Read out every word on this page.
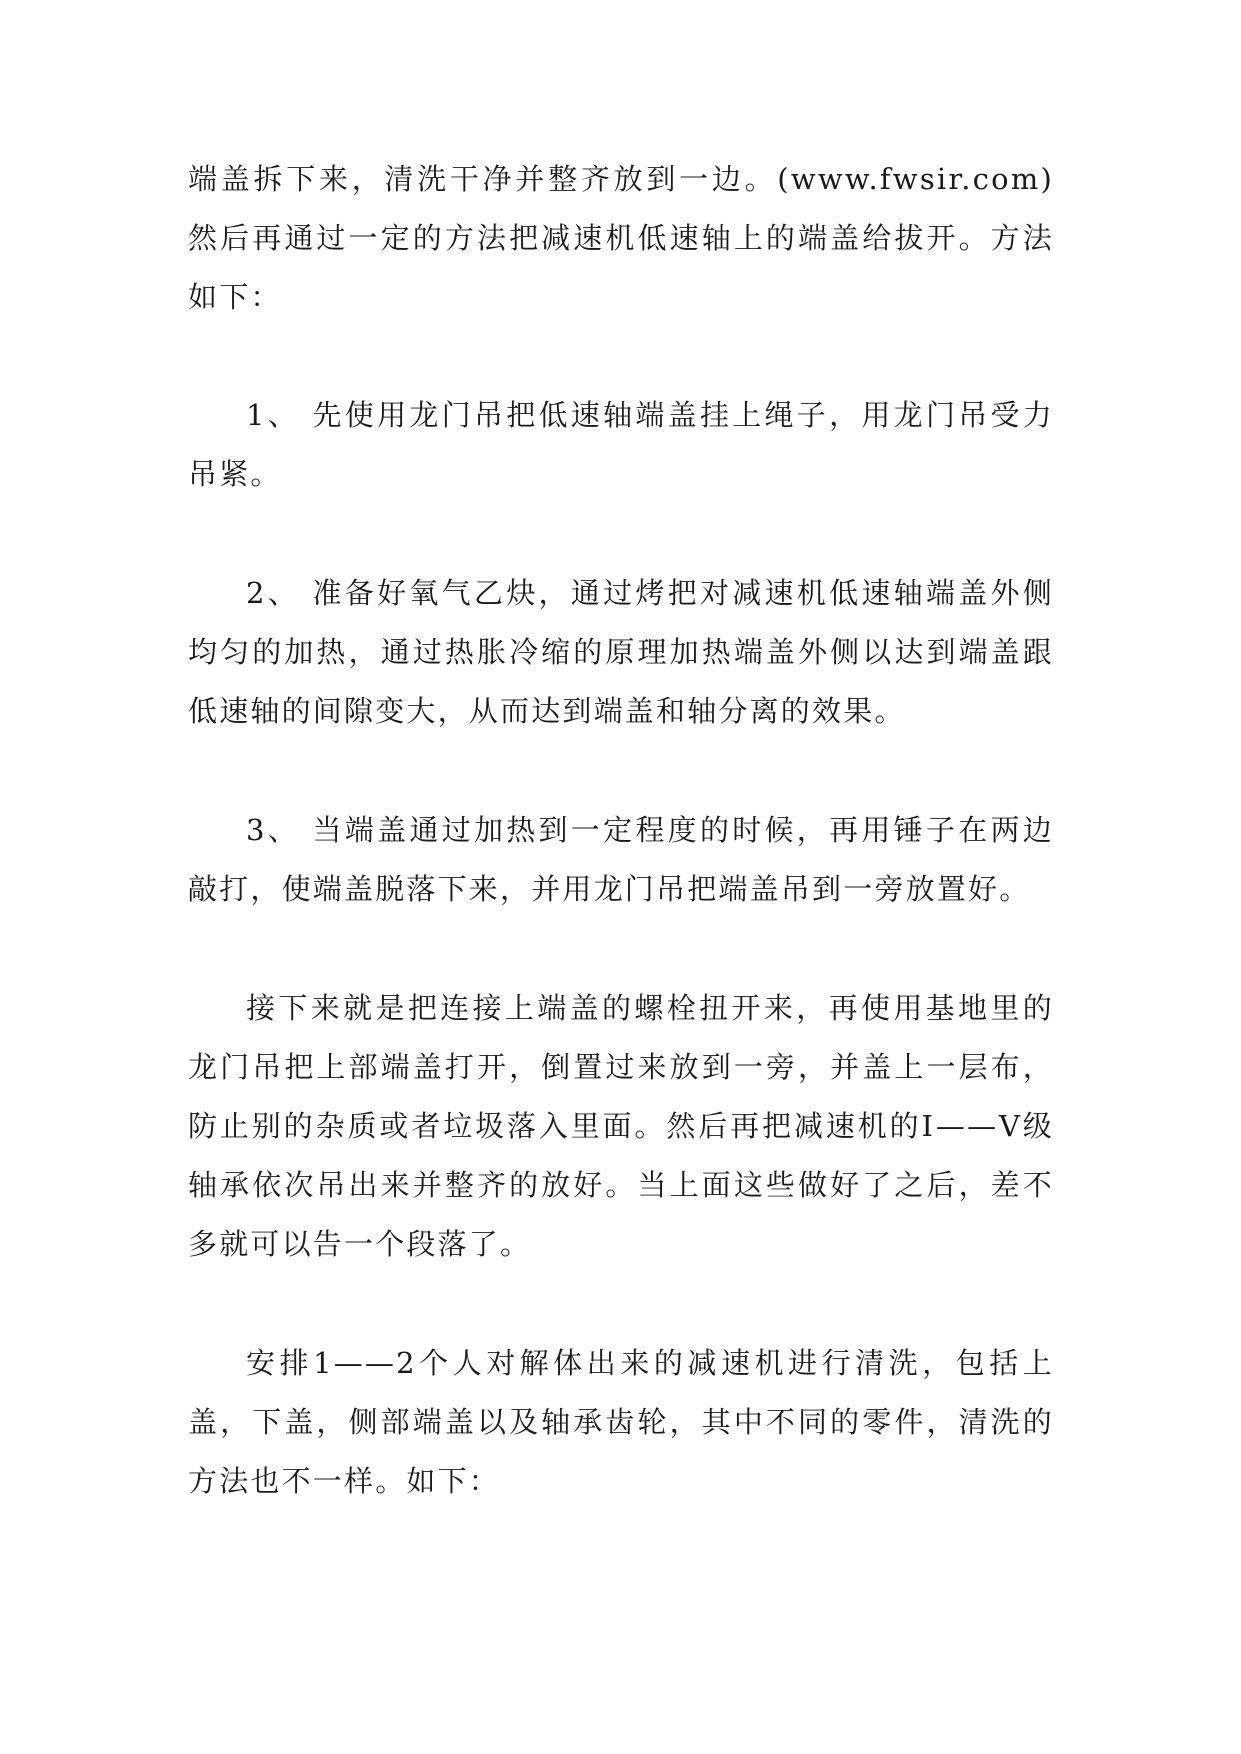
端盖拆下来，清洗干净并整齐放到一边。(www.fwsir.com)然后再通过一定的方法把减速机低速轴上的端盖给拔开。方法如下：

1、 先使用龙门吊把低速轴端盖挂上绳子，用龙门吊受力吊紧。

2、 准备好氧气乙炔，通过烤把对减速机低速轴端盖外侧均匀的加热，通过热胀冷缩的原理加热端盖外侧以达到端盖跟低速轴的间隙变大，从而达到端盖和轴分离的效果。

3、 当端盖通过加热到一定程度的时候，再用锤子在两边敲打，使端盖脱落下来，并用龙门吊把端盖吊到一旁放置好。

接下来就是把连接上端盖的螺栓扭开来，再使用基地里的龙门吊把上部端盖打开，倒置过来放到一旁，并盖上一层布，防止别的杂质或者垃圾落入里面。然后再把减速机的Ⅰ——Ⅴ级轴承依次吊出来并整齐的放好。当上面这些做好了之后，差不多就可以告一个段落了。

安排1——2个人对解体出来的减速机进行清洗，包括上盖，下盖，侧部端盖以及轴承齿轮，其中不同的零件，清洗的方法也不一样。如下：
